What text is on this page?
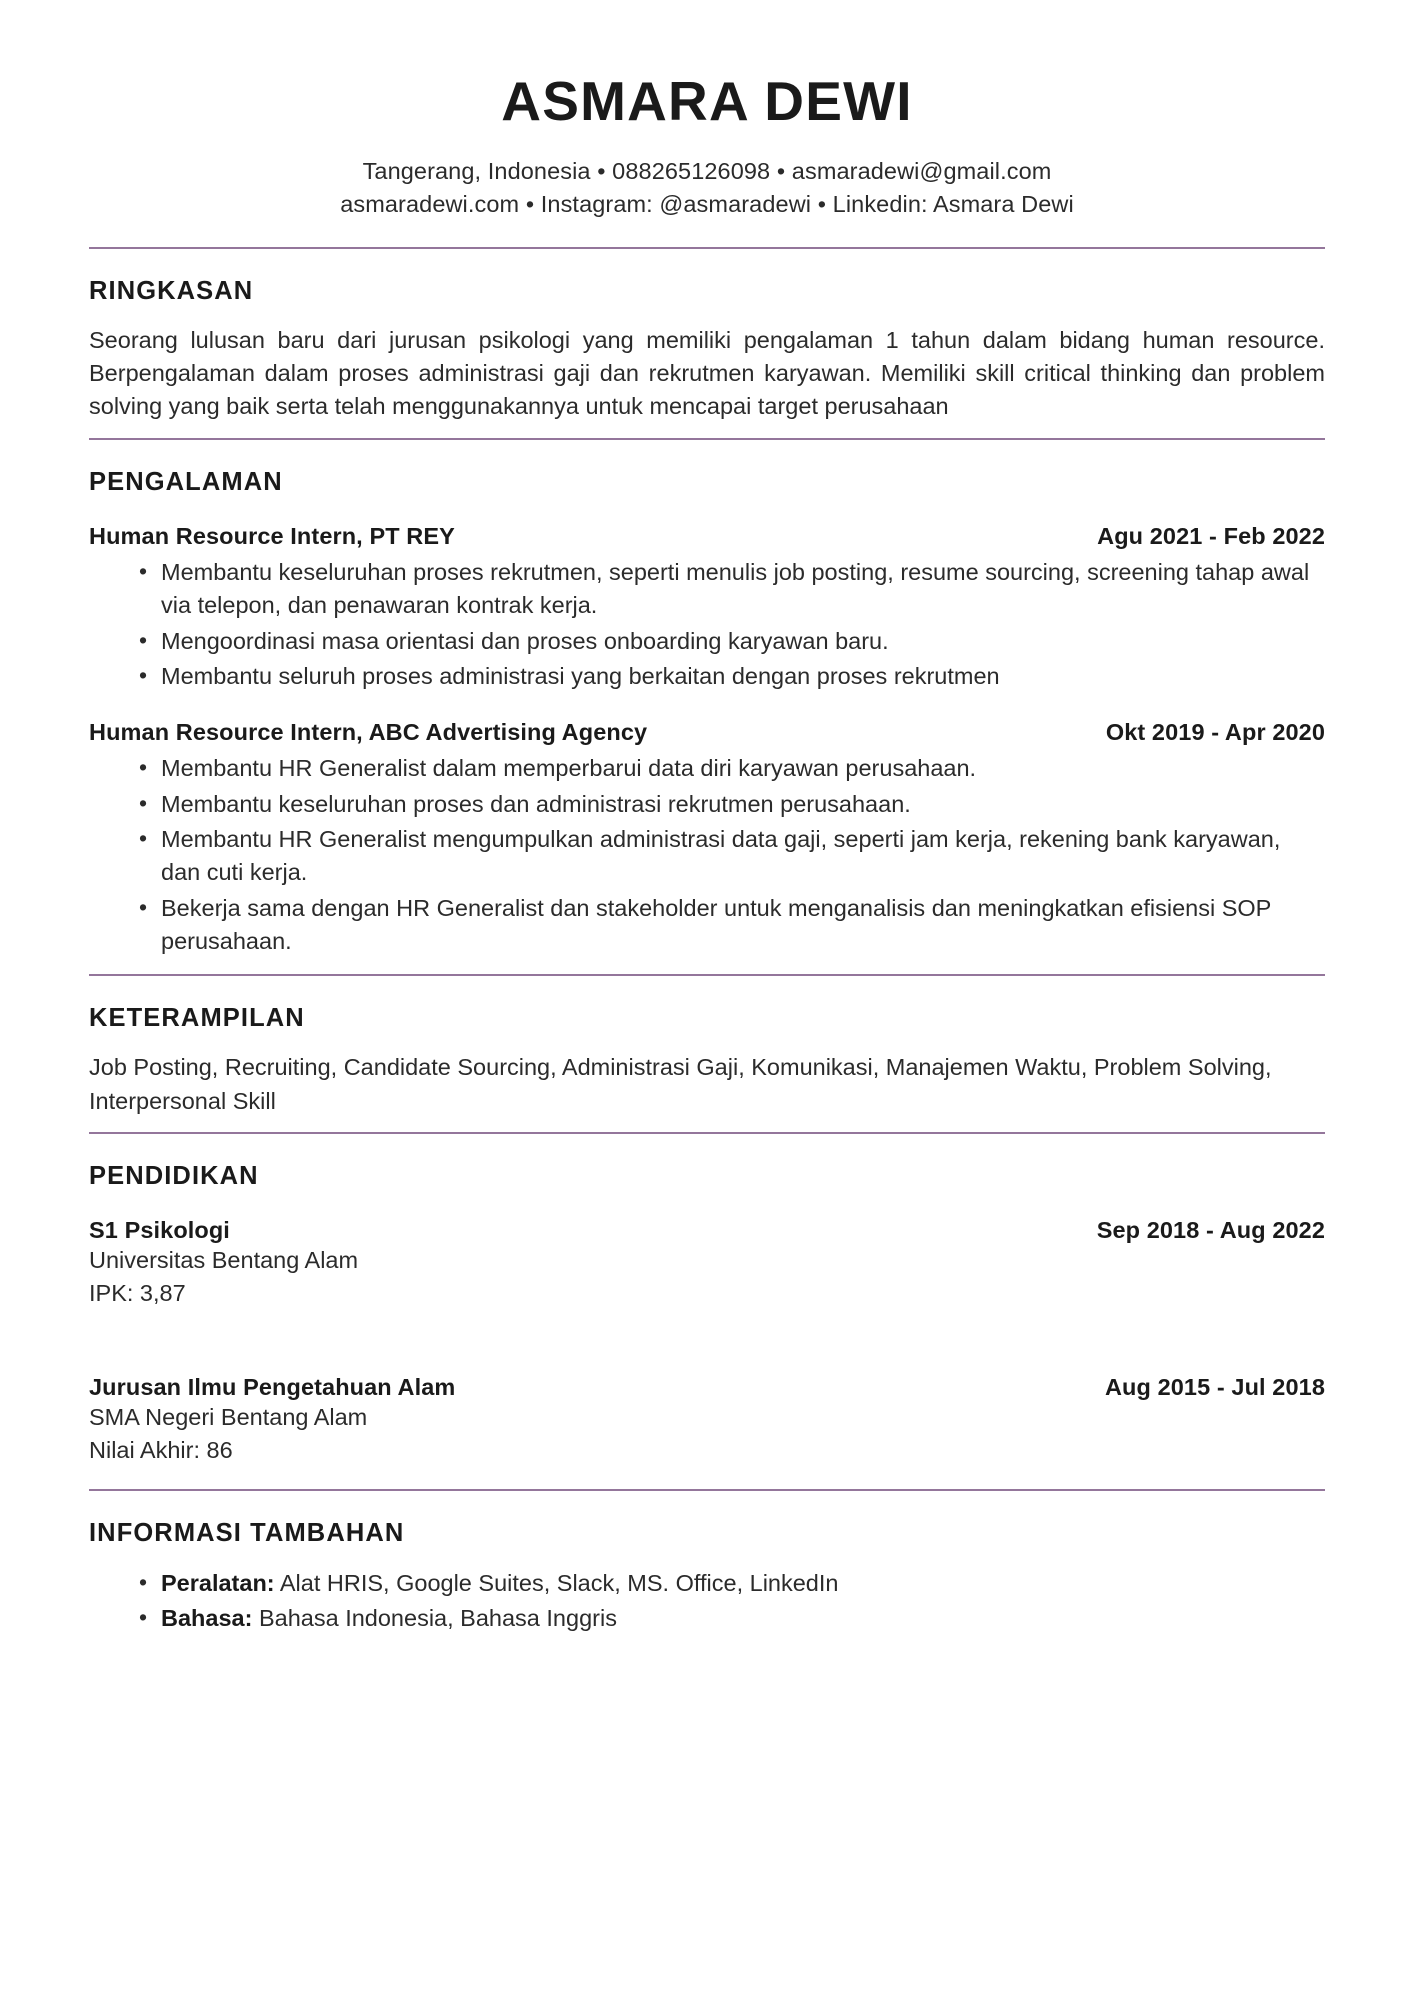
ASMARA DEWI
Tangerang, Indonesia • 088265126098 • asmaradewi@gmail.com
asmaradewi.com • Instagram: @asmaradewi • Linkedin: Asmara Dewi
RINGKASAN

Seorang lulusan baru dari jurusan psikologi yang memiliki pengalaman 1 tahun dalam bidang human resource. Berpengalaman dalam proses administrasi gaji dan rekrutmen karyawan. Memiliki skill critical thinking dan problem solving yang baik serta telah menggunakannya untuk mencapai target perusahaan

PENGALAMAN
Human Resource Intern, PT REY	Agu 2021 - Feb 2022
• Membantu keseluruhan proses rekrutmen, seperti menulis job posting, resume sourcing, screening tahap awal via telepon, dan penawaran kontrak kerja.
• Mengoordinasi masa orientasi dan proses onboarding karyawan baru.
• Membantu seluruh proses administrasi yang berkaitan dengan proses rekrutmen
Human Resource Intern, ABC Advertising Agency	Okt 2019 - Apr 2020
• Membantu HR Generalist dalam memperbarui data diri karyawan perusahaan.
• Membantu keseluruhan proses dan administrasi rekrutmen perusahaan.
• Membantu HR Generalist mengumpulkan administrasi data gaji, seperti jam kerja, rekening bank karyawan, dan cuti kerja.
• Bekerja sama dengan HR Generalist dan stakeholder untuk menganalisis dan meningkatkan efisiensi SOP perusahaan.
KETERAMPILAN

Job Posting, Recruiting, Candidate Sourcing, Administrasi Gaji, Komunikasi, Manajemen Waktu, Problem Solving, Interpersonal Skill

PENDIDIKAN
S1 Psikologi	Sep 2018 - Aug 2022
Universitas Bentang Alam
IPK: 3,87
Jurusan Ilmu Pengetahuan Alam	Aug 2015 - Jul 2018
SMA Negeri Bentang Alam
Nilai Akhir: 86
INFORMASI TAMBAHAN
• Peralatan: Alat HRIS, Google Suites, Slack, MS. Office, LinkedIn
• Bahasa: Bahasa Indonesia, Bahasa Inggris
